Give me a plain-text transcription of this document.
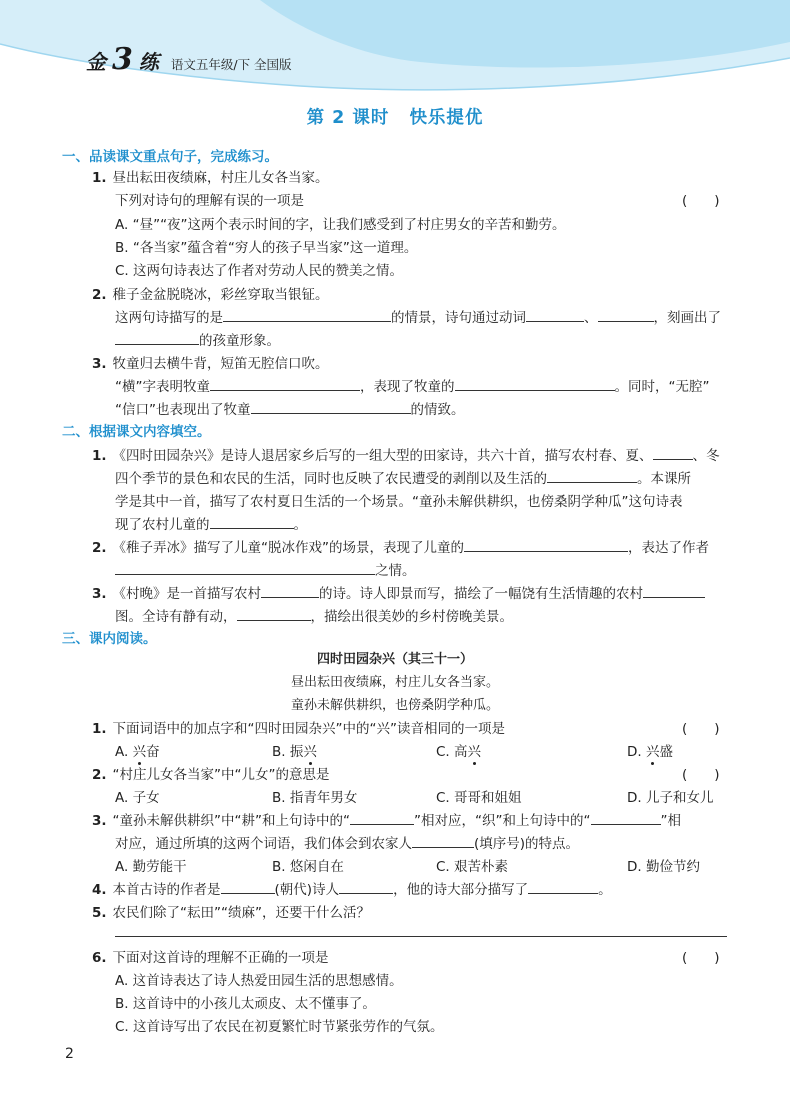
金 3 练 语文五年级/下 全国版
第 2 课时 快乐提优
一、品读课文重点句子，完成练习。
1. 昼出耘田夜绩麻，村庄儿女各当家。
下列对诗句的理解有误的一项是	(　　)
A. “昼”“夜”这两个表示时间的字，让我们感受到了村庄男女的辛苦和勤劳。
B. “各当家”蕴含着“穷人的孩子早当家”这一道理。
C. 这两句诗表达了作者对劳动人民的赞美之情。
2. 稚子金盆脱晓冰，彩丝穿取当银钲。
这两句诗描写的是	的情景，诗句通过动词	、	，刻画出了
的孩童形象。
3. 牧童归去横牛背，短笛无腔信口吹。
“横”字表明牧童	，表现了牧童的	。同时，“无腔”
“信口”也表现出了牧童	的情致。
二、根据课文内容填空。
1. 《四时田园杂兴》是诗人退居家乡后写的一组大型的田家诗，共六十首，描写农村春、夏、	、冬
四个季节的景色和农民的生活，同时也反映了农民遭受的剥削以及生活的	。本课所
学是其中一首，描写了农村夏日生活的一个场景。“童孙未解供耕织，也傍桑阴学种瓜”这句诗表
现了农村儿童的	。
2. 《稚子弄冰》描写了儿童“脱冰作戏”的场景，表现了儿童的	，表达了作者
之情。
3. 《村晚》是一首描写农村	的诗。诗人即景而写，描绘了一幅饶有生活情趣的农村
图。全诗有静有动，	，描绘出很美妙的乡村傍晚美景。
三、课内阅读。
四时田园杂兴（其三十一）
昼出耘田夜绩麻，村庄儿女各当家。
童孙未解供耕织，也傍桑阴学种瓜。
1. 下面词语中的加点字和“四时田园杂兴”中的“兴”读音相同的一项是	(　　)
A. 兴奋	B. 振兴	C. 高兴	D. 兴盛
2. “村庄儿女各当家”中“儿女”的意思是	(　　)
A. 子女	B. 指青年男女	C. 哥哥和姐姐	D. 儿子和女儿
3. “童孙未解供耕织”中“耕”和上句诗中的“	”相对应，“织”和上句诗中的“	”相
对应，通过所填的这两个词语，我们体会到农家人	(填序号)的特点。
A. 勤劳能干	B. 悠闲自在	C. 艰苦朴素	D. 勤俭节约
4. 本首古诗的作者是	(朝代)诗人	，他的诗大部分描写了	。
5. 农民们除了“耘田”“绩麻”，还要干什么活？
6. 下面对这首诗的理解不正确的一项是	(　　)
A. 这首诗表达了诗人热爱田园生活的思想感情。
B. 这首诗中的小孩儿太顽皮、太不懂事了。
C. 这首诗写出了农民在初夏繁忙时节紧张劳作的气氛。
2
